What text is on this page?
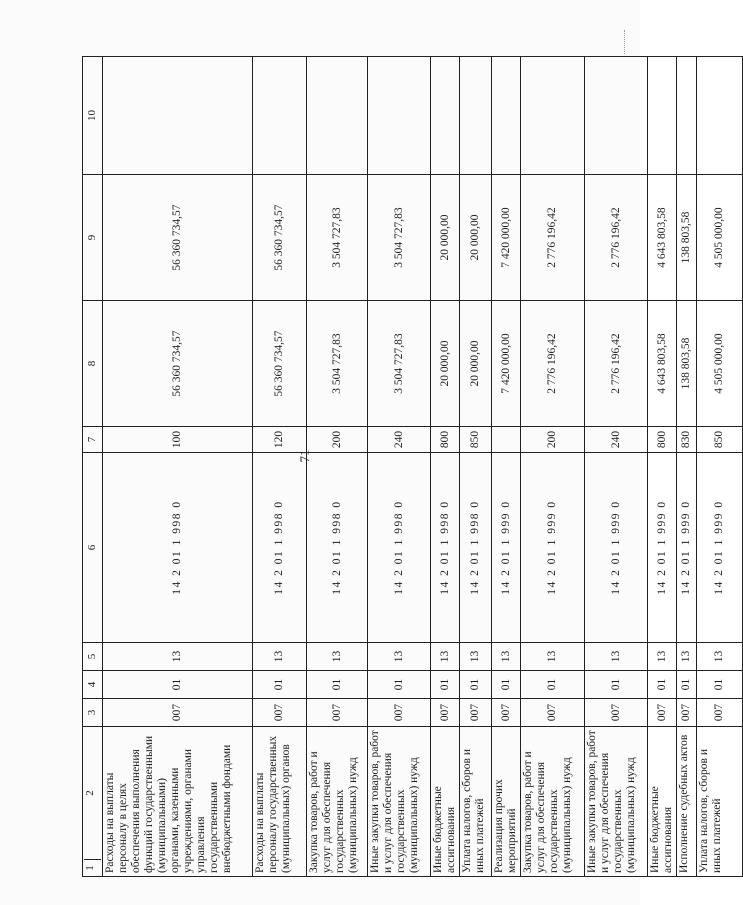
71
1
2	3	4	5	6	7	8	9	10
Расходы на выплаты персоналу в целях обеспечения выполнения функций государственными (муниципальными) органами, казенными учреждениями, органами управления государственными внебюджетными фондами	007	01	13	14 2 01 1 998 0	100	56 360 734,57	56 360 734,57	
Расходы на выплаты персоналу государственных (муниципальных) органов	007	01	13	14 2 01 1 998 0	120	56 360 734,57	56 360 734,57	
Закупка товаров, работ и услуг для обеспечения государственных (муниципальных) нужд	007	01	13	14 2 01 1 998 0	200	3 504 727,83	3 504 727,83	
Иные закупки товаров, работ и услуг для обеспечения государственных (муниципальных) нужд	007	01	13	14 2 01 1 998 0	240	3 504 727,83	3 504 727,83	
Иные бюджетные ассигнования	007	01	13	14 2 01 1 998 0	800	20 000,00	20 000,00	
Уплата налогов, сборов и иных платежей	007	01	13	14 2 01 1 998 0	850	20 000,00	20 000,00	
Реализация прочих мероприятий	007	01	13	14 2 01 1 999 0		7 420 000,00	7 420 000,00	
Закупка товаров, работ и услуг для обеспечения государственных (муниципальных) нужд	007	01	13	14 2 01 1 999 0	200	2 776 196,42	2 776 196,42	
Иные закупки товаров, работ и услуг для обеспечения государственных (муниципальных) нужд	007	01	13	14 2 01 1 999 0	240	2 776 196,42	2 776 196,42	
Иные бюджетные ассигнования	007	01	13	14 2 01 1 999 0	800	4 643 803,58	4 643 803,58	
Исполнение судебных актов	007	01	13	14 2 01 1 999 0	830	138 803,58	138 803,58	
Уплата налогов, сборов и иных платежей	007	01	13	14 2 01 1 999 0	850	4 505 000,00	4 505 000,00	
